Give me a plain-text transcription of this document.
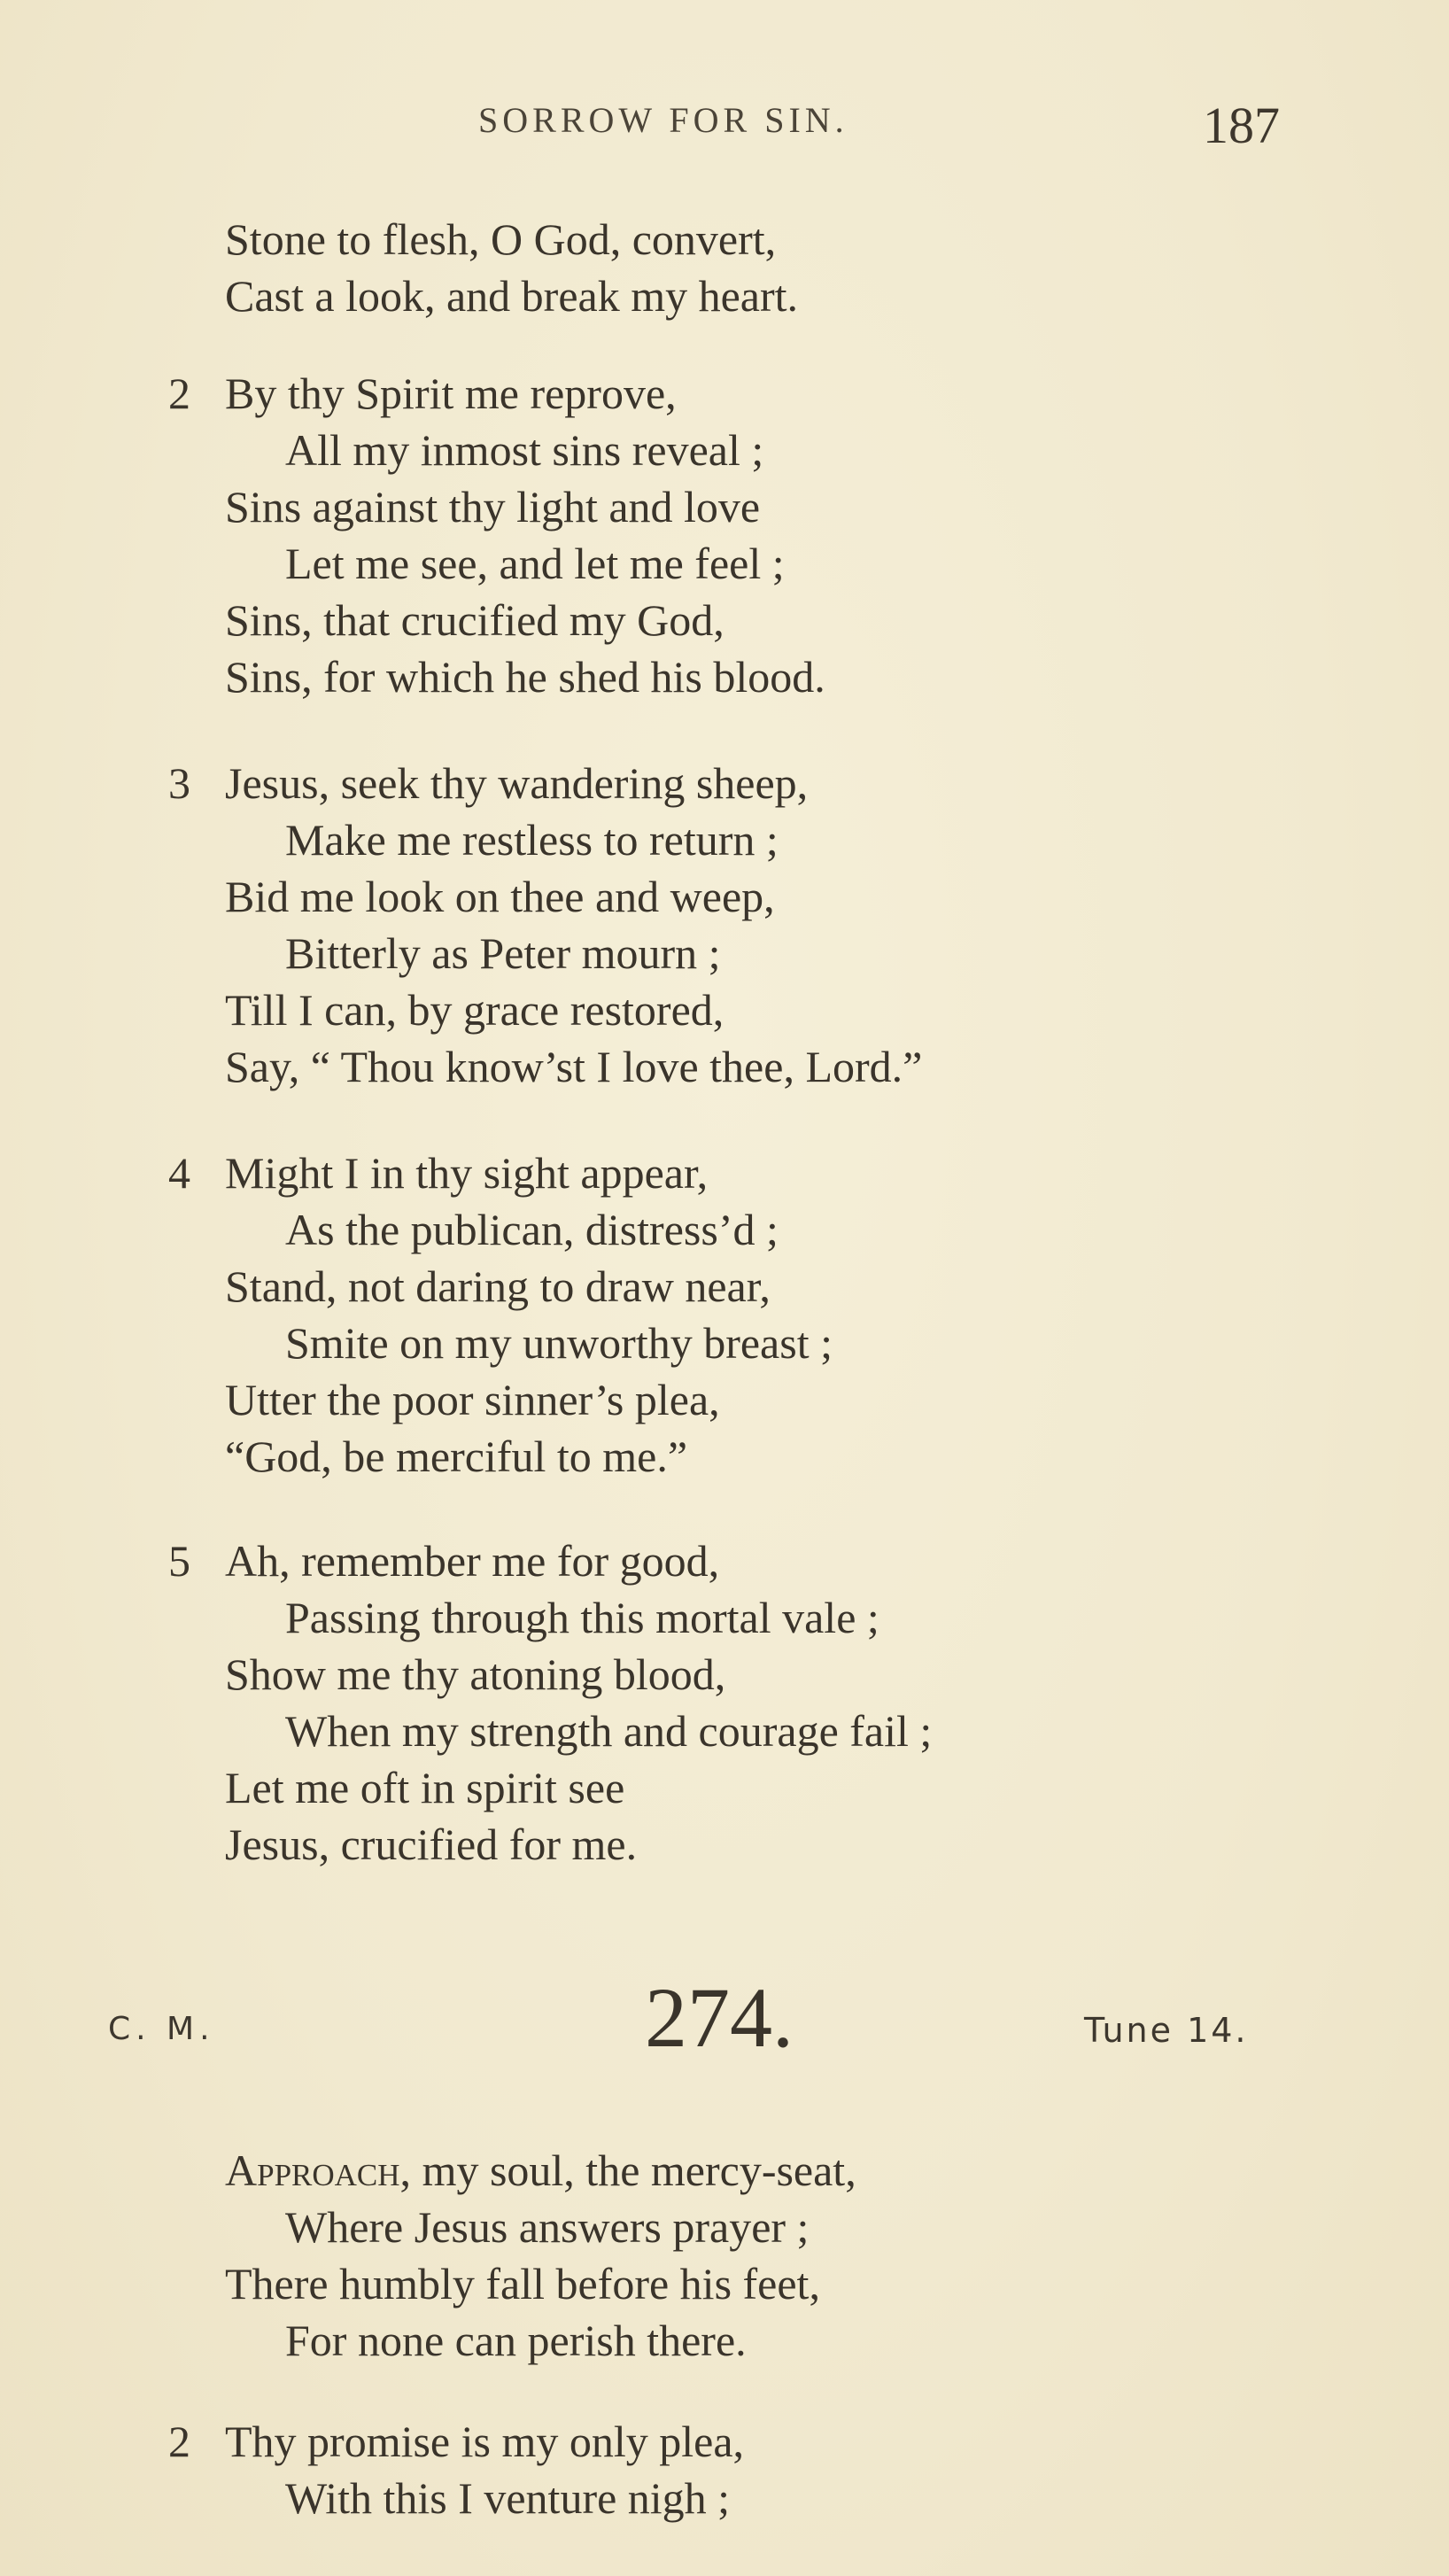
SORROW FOR SIN.	187
Stone to flesh, O God, convert,
Cast a look, and break my heart.
2 By thy Spirit me reprove,
All my inmost sins reveal ;
Sins against thy light and love
Let me see, and let me feel ;
Sins, that crucified my God,
Sins, for which he shed his blood.
3 Jesus, seek thy wandering sheep,
Make me restless to return ;
Bid me look on thee and weep,
Bitterly as Peter mourn ;
Till I can, by grace restored,
Say, “ Thou know’st I love thee, Lord.”
4 Might I in thy sight appear,
As the publican, distress’d ;
Stand, not daring to draw near,
Smite on my unworthy breast ;
Utter the poor sinner’s plea,
“God, be merciful to me.”
5 Ah, remember me for good,
Passing through this mortal vale ;
Show me thy atoning blood,
When my strength and courage fail ;
Let me oft in spirit see
Jesus, crucified for me.
C. M.	274.	Tune 14.
Approach, my soul, the mercy-seat,
Where Jesus answers prayer ;
There humbly fall before his feet,
For none can perish there.
2 Thy promise is my only plea,
With this I venture nigh ;
